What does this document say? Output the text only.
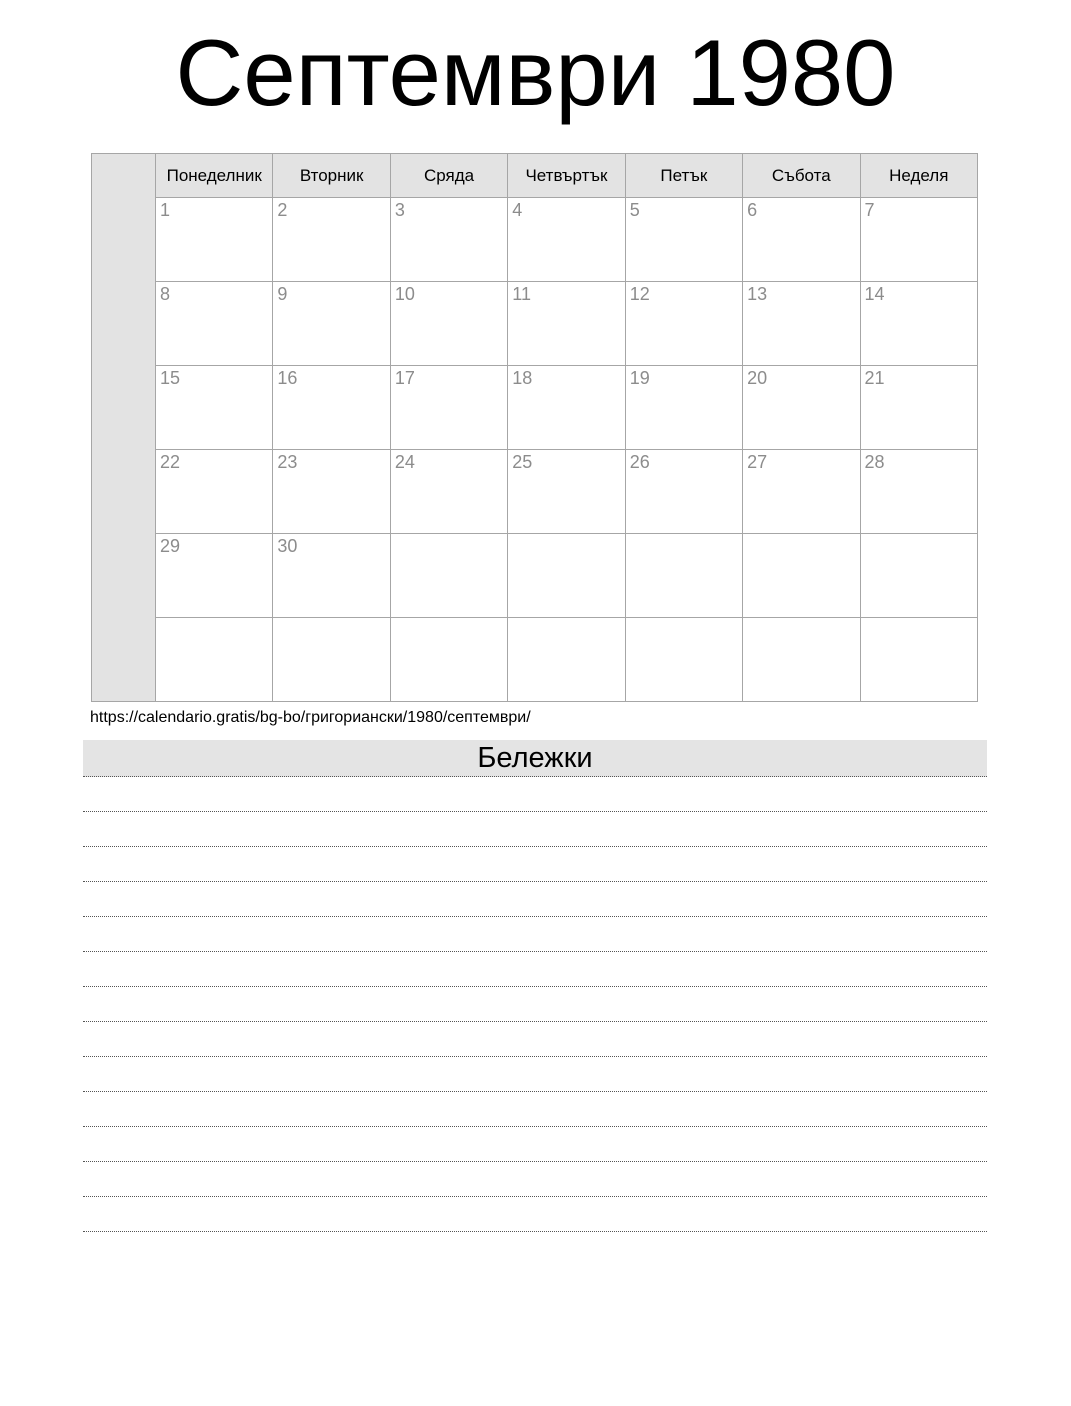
Септември 1980
	Понеделник	Вторник	Сряда	Четвъртък	Петък	Събота	Неделя
	1	2	3	4	5	6	7
	8	9	10	11	12	13	14
	15	16	17	18	19	20	21
	22	23	24	25	26	27	28
	29	30					

https://calendario.gratis/bg-bo/григориански/1980/септември/
Бележки
